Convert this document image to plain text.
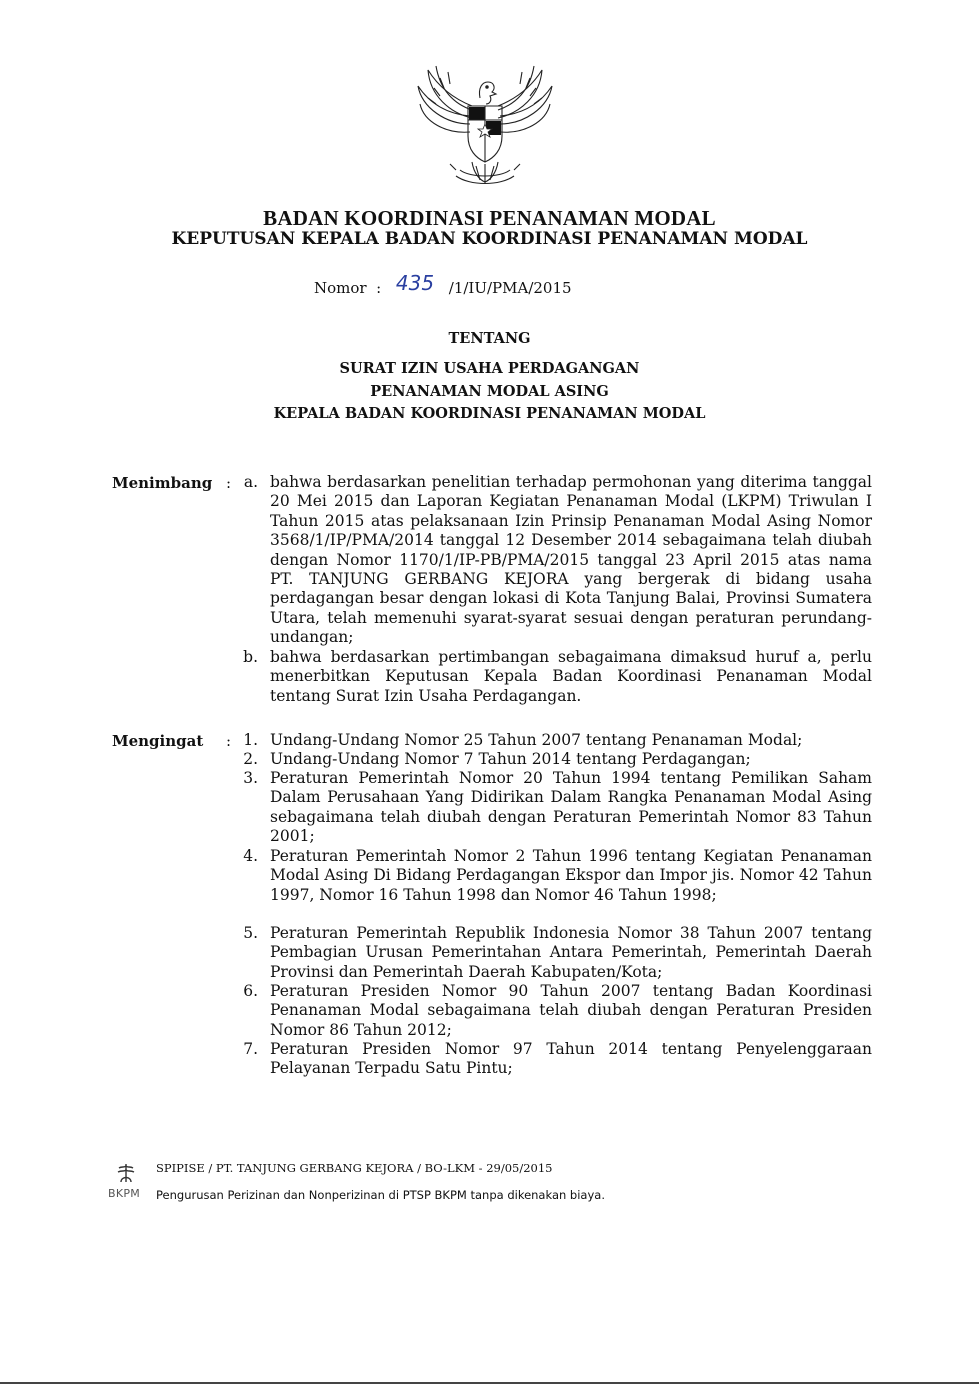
BADAN KOORDINASI PENANAMAN MODAL
KEPUTUSAN KEPALA BADAN KOORDINASI PENANAMAN MODAL
Nomor : 435 /1/IU/PMA/2015
TENTANG
SURAT IZIN USAHA PERDAGANGAN
PENANAMAN MODAL ASING
KEPALA BADAN KOORDINASI PENANAMAN MODAL
Menimbang : a. bahwa berdasarkan penelitian terhadap permohonan yang diterima tanggal 20 Mei 2015 dan Laporan Kegiatan Penanaman Modal (LKPM) Triwulan I Tahun 2015 atas pelaksanaan Izin Prinsip Penanaman Modal Asing Nomor 3568/1/IP/PMA/2014 tanggal 12 Desember 2014 sebagaimana telah diubah dengan Nomor 1170/1/IP-PB/PMA/2015 tanggal 23 April 2015 atas nama PT. TANJUNG GERBANG KEJORA yang bergerak di bidang usaha perdagangan besar dengan lokasi di Kota Tanjung Balai, Provinsi Sumatera Utara, telah memenuhi syarat-syarat sesuai dengan peraturan perundang-undangan;
b. bahwa berdasarkan pertimbangan sebagaimana dimaksud huruf a, perlu menerbitkan Keputusan Kepala Badan Koordinasi Penanaman Modal tentang Surat Izin Usaha Perdagangan.
Mengingat : 1. Undang-Undang Nomor 25 Tahun 2007 tentang Penanaman Modal;
2. Undang-Undang Nomor 7 Tahun 2014 tentang Perdagangan;
3. Peraturan Pemerintah Nomor 20 Tahun 1994 tentang Pemilikan Saham Dalam Perusahaan Yang Didirikan Dalam Rangka Penanaman Modal Asing sebagaimana telah diubah dengan Peraturan Pemerintah Nomor 83 Tahun 2001;
4. Peraturan Pemerintah Nomor 2 Tahun 1996 tentang Kegiatan Penanaman Modal Asing Di Bidang Perdagangan Ekspor dan Impor jis. Nomor 42 Tahun 1997, Nomor 16 Tahun 1998 dan Nomor 46 Tahun 1998;
5. Peraturan Pemerintah Republik Indonesia Nomor 38 Tahun 2007 tentang Pembagian Urusan Pemerintahan Antara Pemerintah, Pemerintah Daerah Provinsi dan Pemerintah Daerah Kabupaten/Kota;
6. Peraturan Presiden Nomor 90 Tahun 2007 tentang Badan Koordinasi Penanaman Modal sebagaimana telah diubah dengan Peraturan Presiden Nomor 86 Tahun 2012;
7. Peraturan Presiden Nomor 97 Tahun 2014 tentang Penyelenggaraan Pelayanan Terpadu Satu Pintu;
BKPM
SPIPISE / PT. TANJUNG GERBANG KEJORA / BO-LKM - 29/05/2015
Pengurusan Perizinan dan Nonperizinan di PTSP BKPM tanpa dikenakan biaya.
